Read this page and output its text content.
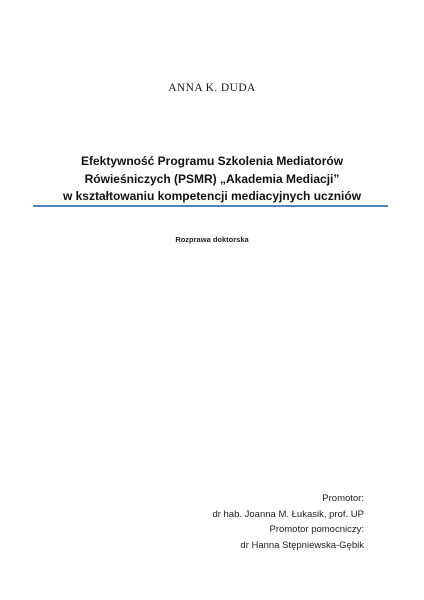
ANNA K. DUDA
Efektywność Programu Szkolenia Mediatorów
Rówieśniczych (PSMR) „Akademia Mediacji”
w kształtowaniu kompetencji mediacyjnych uczniów
Rozprawa doktorska
Promotor:
dr hab. Joanna M. Łukasik, prof. UP
Promotor pomocniczy:
dr Hanna Stępniewska-Gębik
